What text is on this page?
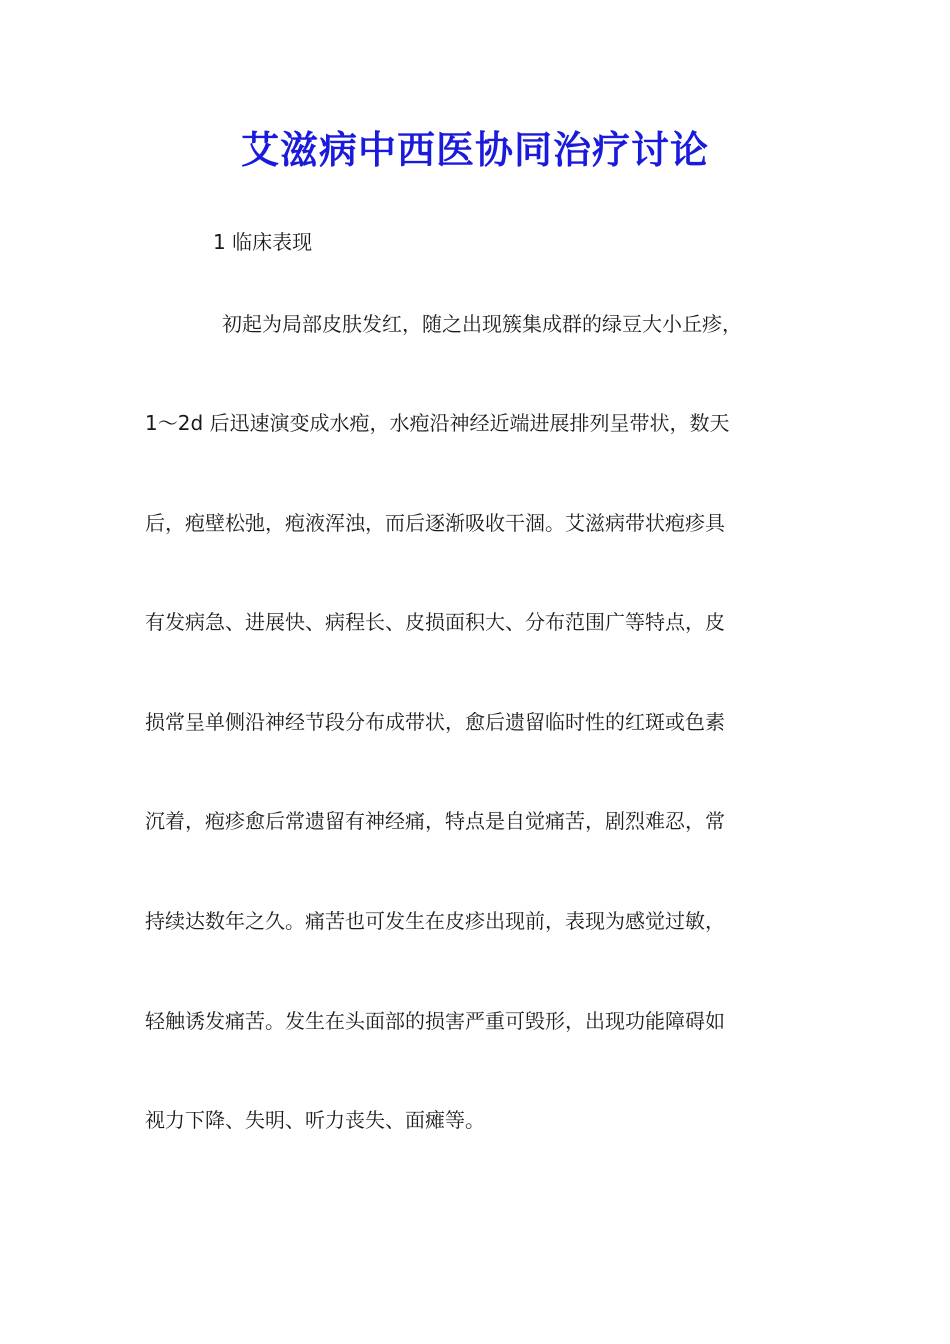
艾滋病中西医协同治疗讨论
1 临床表现

初起为局部皮肤发红，随之出现簇集成群的绿豆大小丘疹，

1～2d 后迅速演变成水疱，水疱沿神经近端进展排列呈带状，数天

后，疱壁松弛，疱液浑浊，而后逐渐吸收干涸。艾滋病带状疱疹具

有发病急、进展快、病程长、皮损面积大、分布范围广等特点，皮

损常呈单侧沿神经节段分布成带状，愈后遗留临时性的红斑或色素

沉着，疱疹愈后常遗留有神经痛，特点是自觉痛苦，剧烈难忍，常

持续达数年之久。痛苦也可发生在皮疹出现前，表现为感觉过敏，

轻触诱发痛苦。发生在头面部的损害严重可毁形，出现功能障碍如

视力下降、失明、听力丧失、面瘫等。
